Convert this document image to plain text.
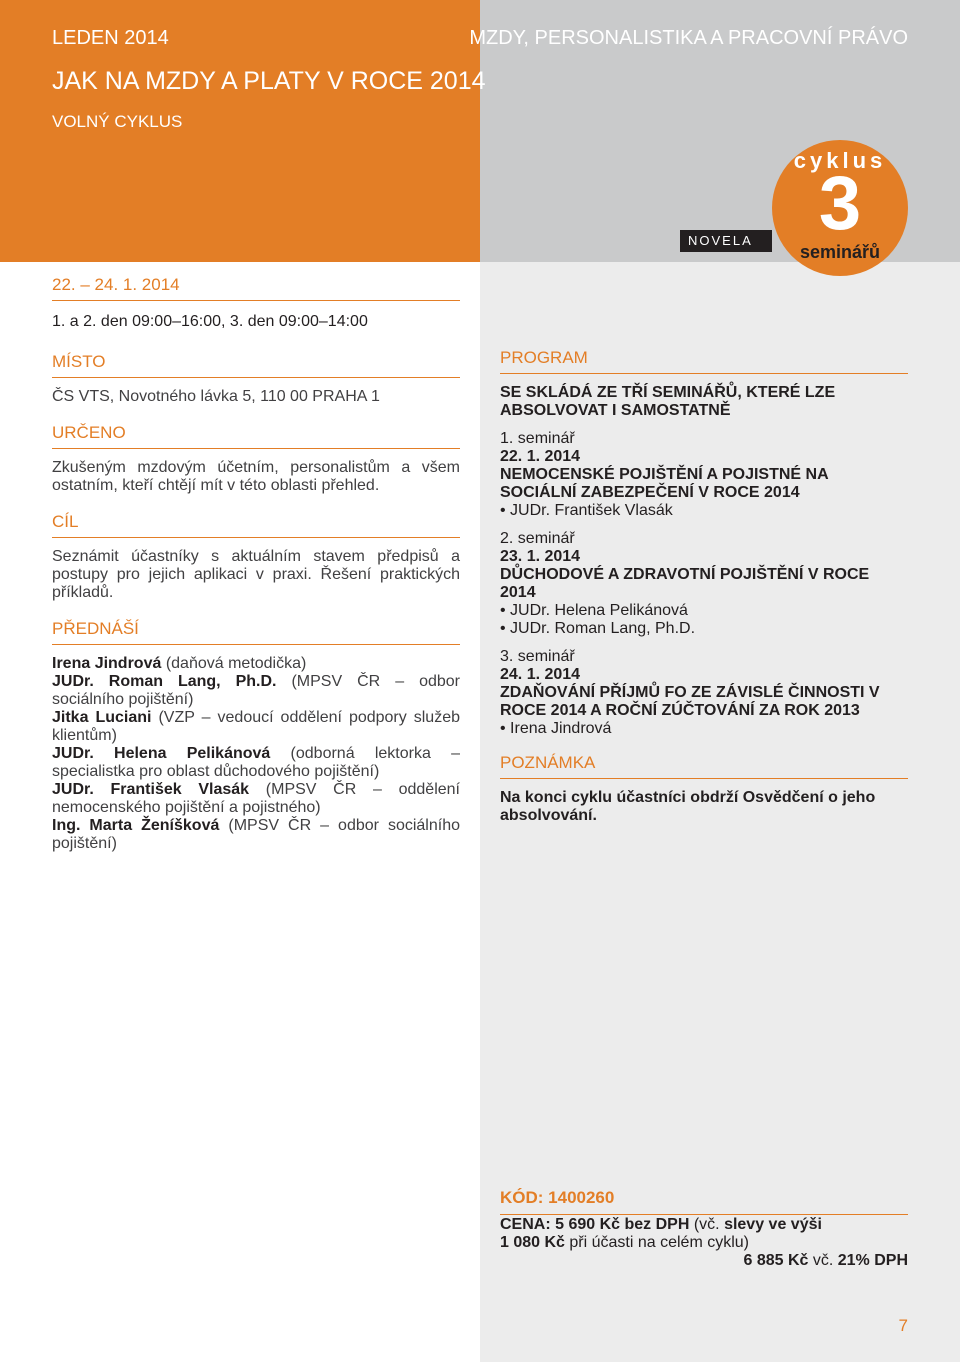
LEDEN 2014	MZDY, PERSONALISTIKA A PRACOVNÍ PRÁVO
JAK NA MZDY A PLATY V ROCE 2014
VOLNÝ CYKLUS
NOVELA
cyklus
3
seminářů
22. – 24. 1. 2014
1. a 2. den 09:00–16:00, 3. den 09:00–14:00
MÍSTO
ČS VTS, Novotného lávka 5, 110 00 PRAHA 1
URČENO
Zkušeným mzdovým účetním, personalistům a všem ostatním, kteří chtějí mít v této oblasti přehled.
CÍL
Seznámit účastníky s aktuálním stavem předpisů a postupy pro jejich aplikaci v praxi. Řešení praktických příkladů.
PŘEDNÁŠÍ

Irena Jindrová (daňová metodička)

JUDr. Roman Lang, Ph.D. (MPSV ČR – odbor sociálního pojištění)

Jitka Luciani (VZP – vedoucí oddělení podpory služeb klientům)

JUDr. Helena Pelikánová (odborná lektorka – specialistka pro oblast důchodového pojištění)

JUDr. František Vlasák (MPSV ČR – oddělení nemocenského pojištění a pojistného)

Ing. Marta Ženíšková (MPSV ČR – odbor sociálního pojištění)

PROGRAM
SE SKLÁDÁ ZE TŘÍ SEMINÁŘŮ, KTERÉ LZE ABSOLVOVAT I SAMOSTATNĚ
1. seminář
22. 1. 2014
NEMOCENSKÉ POJIŠTĚNÍ A POJISTNÉ NA SOCIÁLNÍ ZABEZPEČENÍ V ROCE 2014
• JUDr. František Vlasák
2. seminář
23. 1. 2014
DŮCHODOVÉ A ZDRAVOTNÍ POJIŠTĚNÍ V ROCE 2014
• JUDr. Helena Pelikánová
• JUDr. Roman Lang, Ph.D.
3. seminář
24. 1. 2014
ZDAŇOVÁNÍ PŘÍJMŮ FO ZE ZÁVISLÉ ČINNOSTI V ROCE 2014 A ROČNÍ ZÚČTOVÁNÍ ZA ROK 2013
• Irena Jindrová
POZNÁMKA
Na konci cyklu účastníci obdrží Osvědčení o jeho absolvování.
KÓD: 1400260
CENA: 5 690 Kč bez DPH (vč. slevy ve výši
1 080 Kč při účasti na celém cyklu)
6 885 Kč vč. 21% DPH
7
